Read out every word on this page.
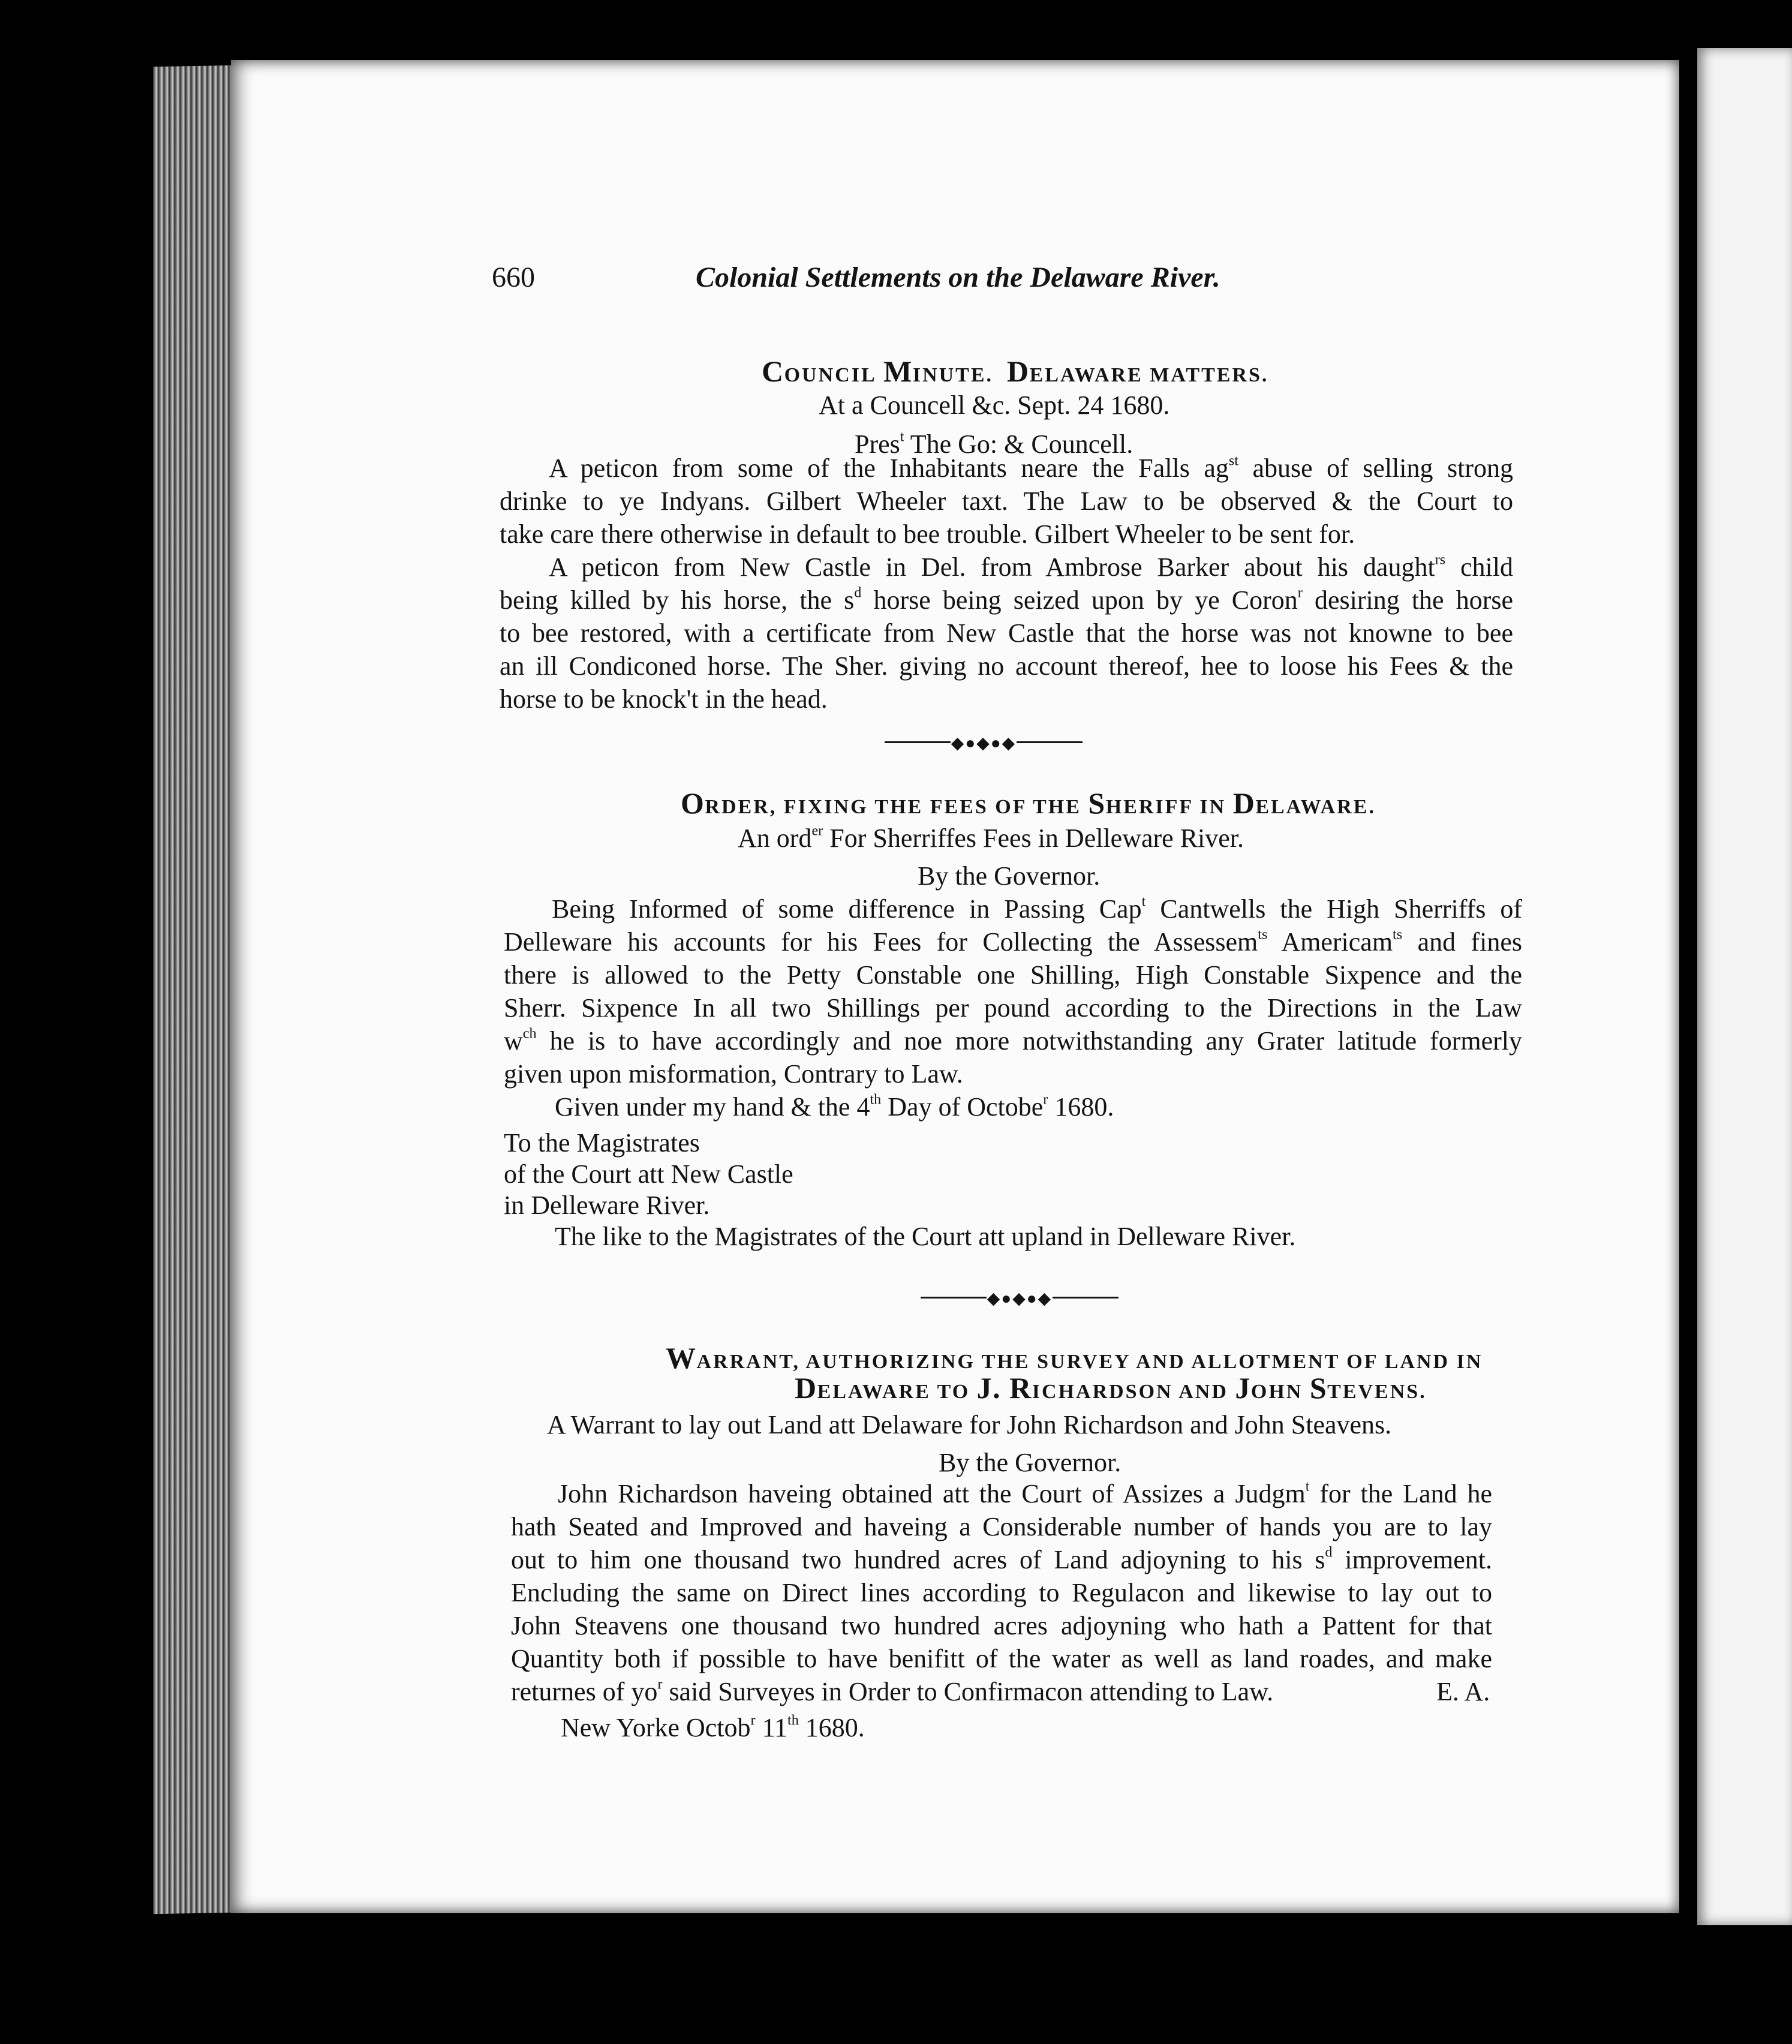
660	Colonial Settlements on the Delaware River.
COUNCIL MINUTE. DELAWARE MATTERS.
At a Councell &c. Sept. 24 1680.
Pres$^t$ The Go: & Councell.
A peticon from some of the Inhabitants neare the Falls $ag^{st}$ abuse of selling strong
drinke to ye Indyans. Gilbert Wheeler taxt. The Law to be observed & the Court to
take care there otherwise in default to bee trouble. Gilbert Wheeler to be sent for.
A peticon from New Castle in Del. from Ambrose Barker about his daught$^{rs}$ child
being killed by his horse, the $s^d$ horse being seized upon by ye Coron$^r$ desiring the horse
to bee restored, with a certificate from New Castle that the horse was not knowne to bee
an ill Condiconed horse. The Sher. giving no account thereof, hee to loose his Fees & the
horse to be knock't in the head.
◆●◆●◆
ORDER, FIXING THE FEES OF THE SHERIFF IN DELAWARE.
An ord$^{er}$ For Sherriffes Fees in Delleware River.
By the Governor.
Being Informed of some difference in Passing Cap$^t$ Cantwells the High Sherriffs of
Delleware his accounts for his Fees for Collecting the Assessem$^{ts}$ Americam$^{ts}$ and fines
there is allowed to the Petty Constable one Shilling, High Constable Sixpence and the
Sherr. Sixpence In all two Shillings per pound according to the Directions in the Law
$w^{ch}$ he is to have accordingly and noe more notwithstanding any Grater latitude formerly
given upon misformation, Contrary to Law.
Given under my hand & the 4th Day of Octobe$^r$ 1680.
To the Magistrates
of the Court att New Castle
in Delleware River.
The like to the Magistrates of the Court att upland in Delleware River.
◆●◆●◆
WARRANT, AUTHORIZING THE SURVEY AND ALLOTMENT OF LAND IN
DELAWARE TO J. RICHARDSON AND JOHN STEVENS.
A Warrant to lay out Land att Delaware for John Richardson and John Steavens.
By the Governor.
John Richardson haveing obtained att the Court of Assizes a Judgm$^t$ for the Land he
hath Seated and Improved and haveing a Considerable number of hands you are to lay
out to him one thousand two hundred acres of Land adjoyning to his $s^d$ improvement.
Encluding the same on Direct lines according to Regulacon and likewise to lay out to
John Steavens one thousand two hundred acres adjoyning who hath a Pattent for that
Quantity both if possible to have benifitt of the water as well as land roades, and make
returnes of $yo^r$ said Surveyes in Order to Confirmacon attending to Law.	E. A.
New Yorke Octob$^r$ 11th 1680.
